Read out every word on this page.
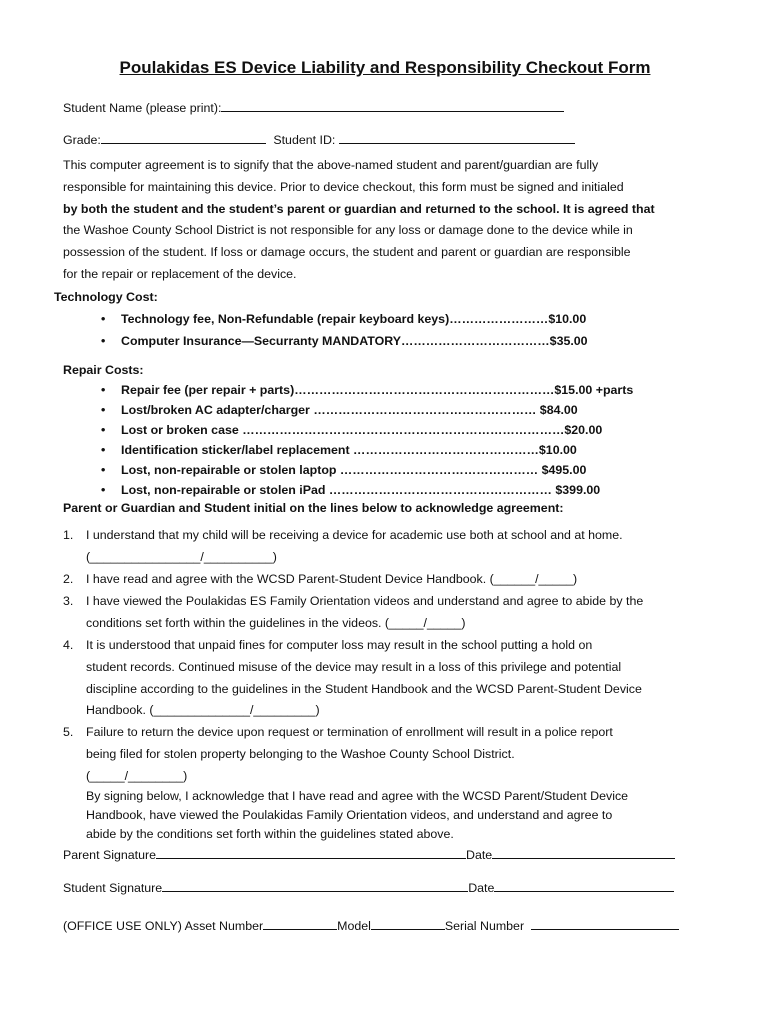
Poulakidas ES Device Liability and Responsibility Checkout Form
Student Name (please print):
Grade:	Student ID:
This computer agreement is to signify that the above-named student and parent/guardian are fully
responsible for maintaining this device. Prior to device checkout, this form must be signed and initialed
by both the student and the student’s parent or guardian and returned to the school. It is agreed that
the Washoe County School District is not responsible for any loss or damage done to the device while in
possession of the student. If loss or damage occurs, the student and parent or guardian are responsible
for the repair or replacement of the device.
Technology Cost:
• Technology fee, Non-Refundable (repair keyboard keys)……………………$10.00
• Computer Insurance—Securranty MANDATORY………………………………$35.00
Repair Costs:
• Repair fee (per repair + parts)………………………………………………………$15.00 +parts
• Lost/broken AC adapter/charger ……………………………………………… $84.00
• Lost or broken case ……………………………………………………………………$20.00
• Identification sticker/label replacement ………………………………………$10.00
• Lost, non-repairable or stolen laptop ………………………………………… $495.00
• Lost, non-repairable or stolen iPad ……………………………………………… $399.00
Parent or Guardian and Student initial on the lines below to acknowledge agreement:
1. I understand that my child will be receiving a device for academic use both at school and at home.
(________________/__________)
2. I have read and agree with the WCSD Parent-Student Device Handbook. (______/_____)
3. I have viewed the Poulakidas ES Family Orientation videos and understand and agree to abide by the
conditions set forth within the guidelines in the videos. (_____/_____)
4. It is understood that unpaid fines for computer loss may result in the school putting a hold on
student records. Continued misuse of the device may result in a loss of this privilege and potential
discipline according to the guidelines in the Student Handbook and the WCSD Parent-Student Device
Handbook. (______________/_________)
5. Failure to return the device upon request or termination of enrollment will result in a police report
being filed for stolen property belonging to the Washoe County School District.
(_____/________)
By signing below, I acknowledge that I have read and agree with the WCSD Parent/Student Device
Handbook, have viewed the Poulakidas Family Orientation videos, and understand and agree to
abide by the conditions set forth within the guidelines stated above.
Parent Signature	Date
Student Signature	Date
(OFFICE USE ONLY) Asset Number	Model	Serial Number
